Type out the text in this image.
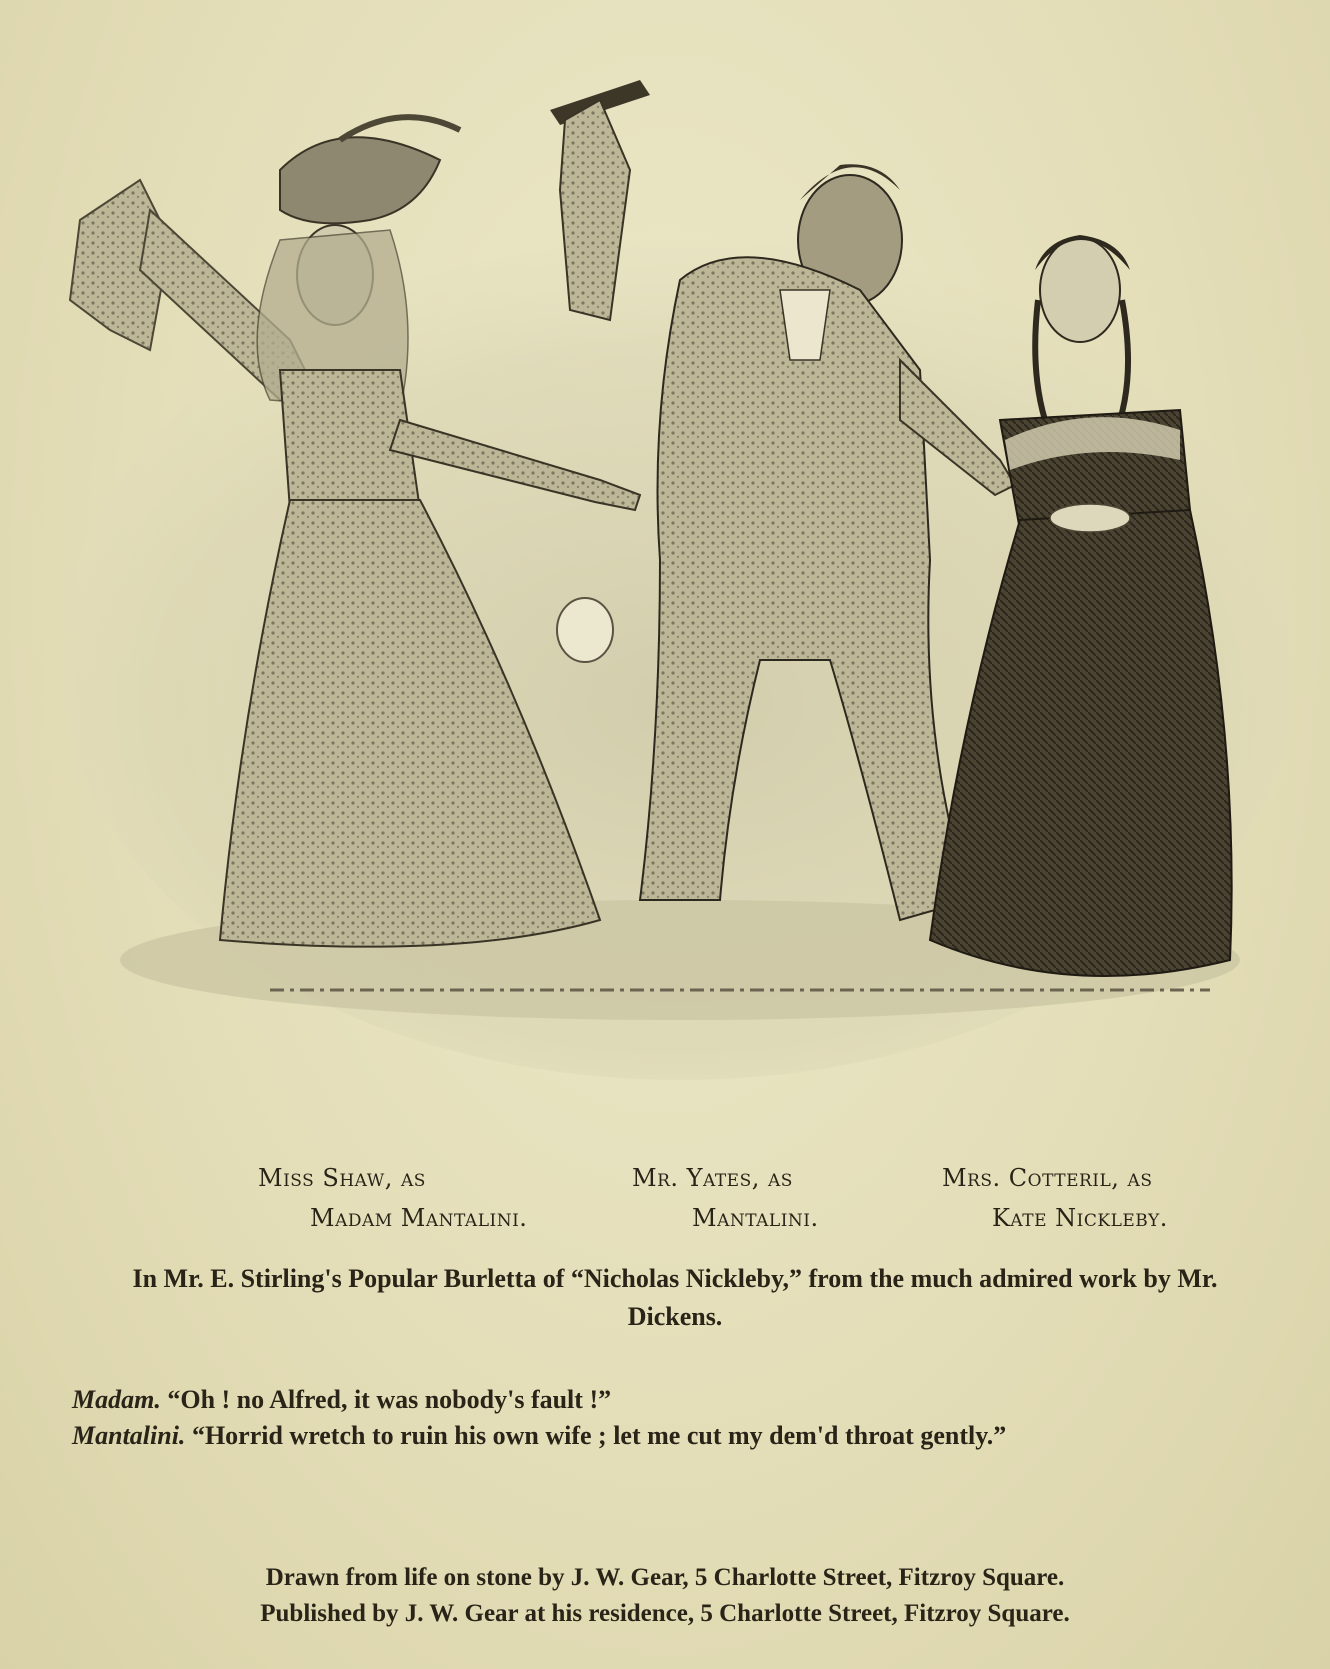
Miss Shaw, as
Madam Mantalini.
Mr. Yates, as
Mantalini.
Mrs. Cotteril, as
Kate Nickleby.
In Mr. E. Stirling's Popular Burletta of “Nicholas Nickleby,” from the much admired work by Mr. Dickens.
Madam. “Oh ! no Alfred, it was nobody's fault !”
Mantalini. “Horrid wretch to ruin his own wife ; let me cut my dem'd throat gently.”
Drawn from life on stone by J. W. Gear, 5 Charlotte Street, Fitzroy Square.
Published by J. W. Gear at his residence, 5 Charlotte Street, Fitzroy Square.
